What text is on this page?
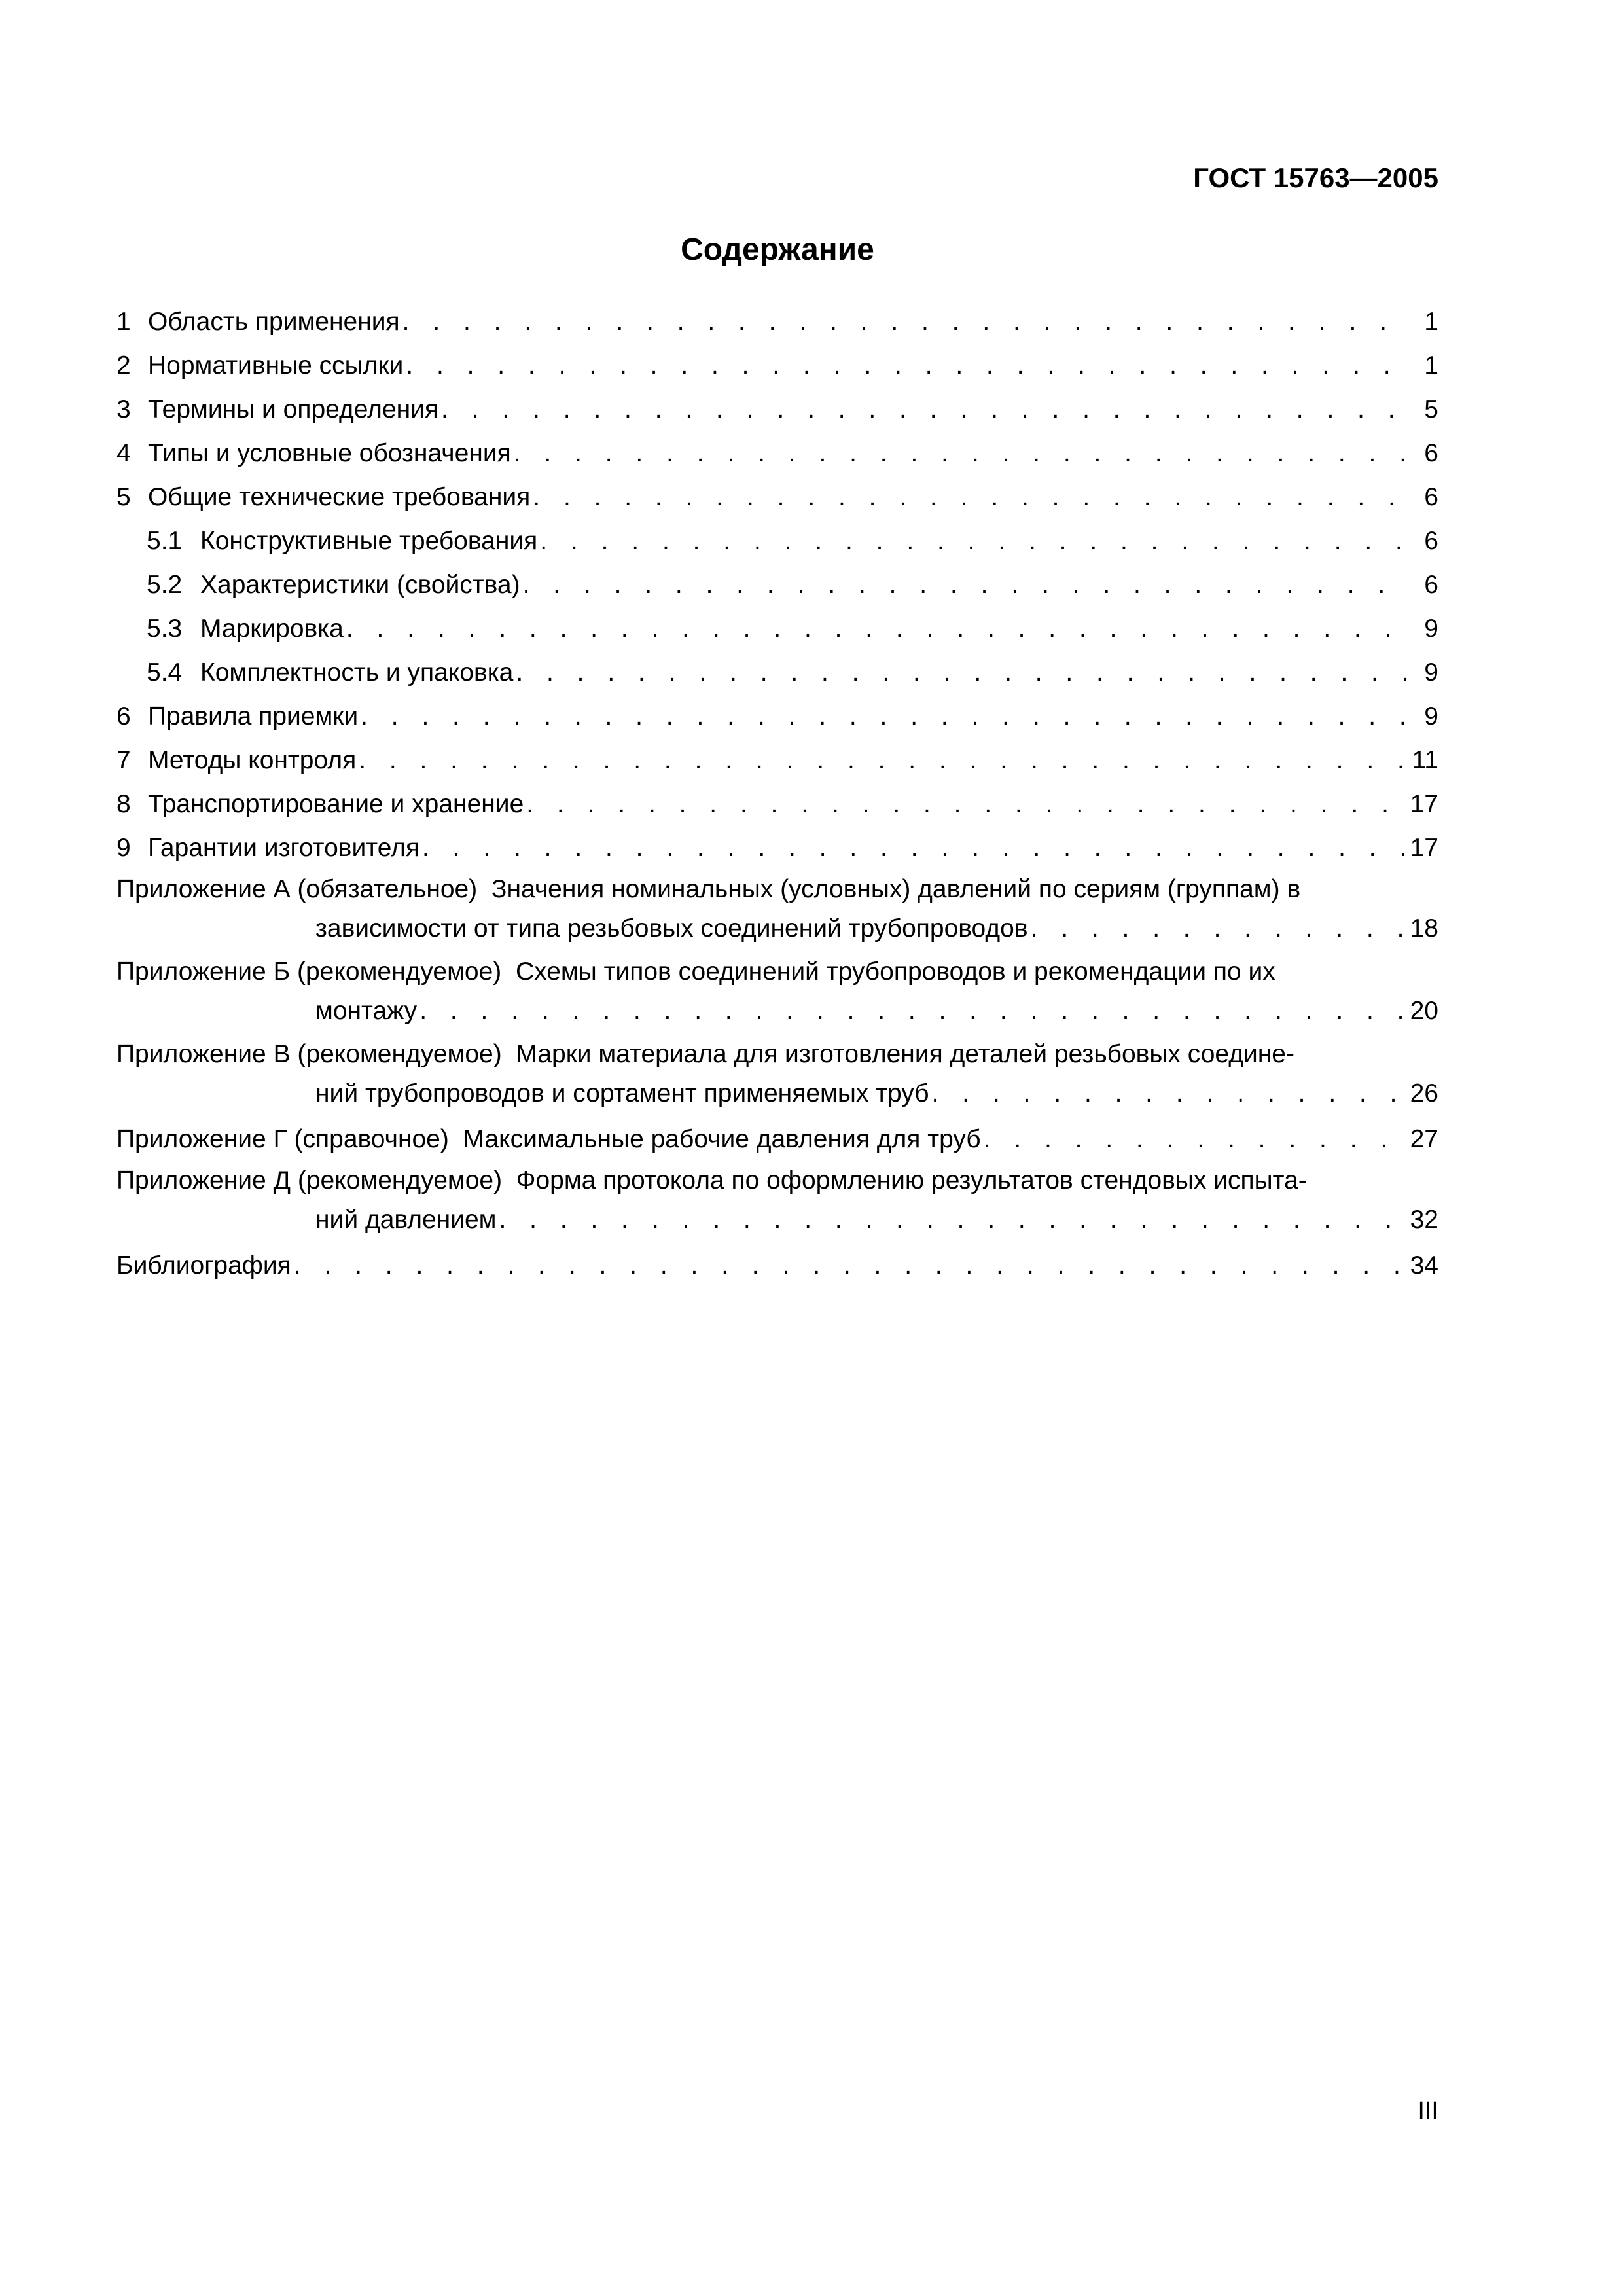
ГОСТ 15763—2005
Содержание
1 Область применения . . .	1
2 Нормативные ссылки . . .	1
3 Термины и определения . . .	5
4 Типы и условные обозначения . . .	6
5 Общие технические требования . . .	6
5.1 Конструктивные требования . . .	6
5.2 Характеристики (свойства) . . .	6
5.3 Маркировка . . .	9
5.4 Комплектность и упаковка . . .	9
6 Правила приемки . . .	9
7 Методы контроля . . .	11
8 Транспортирование и хранение . . .	17
9 Гарантии изготовителя . . .	17
Приложение А (обязательное) Значения номинальных (условных) давлений по сериям (группам) в
зависимости от типа резьбовых соединений трубопроводов . . .	18
Приложение Б (рекомендуемое) Схемы типов соединений трубопроводов и рекомендации по их
монтажу . . .	20
Приложение В (рекомендуемое) Марки материала для изготовления деталей резьбовых соедине-
ний трубопроводов и сортамент применяемых труб . . .	26
Приложение Г (справочное)
Максимальные рабочие давления для труб . . .	27
Приложение Д (рекомендуемое) Форма протокола по оформлению результатов стендовых испыта-
ний давлением . . .	32
Библиография . . .	34
III
